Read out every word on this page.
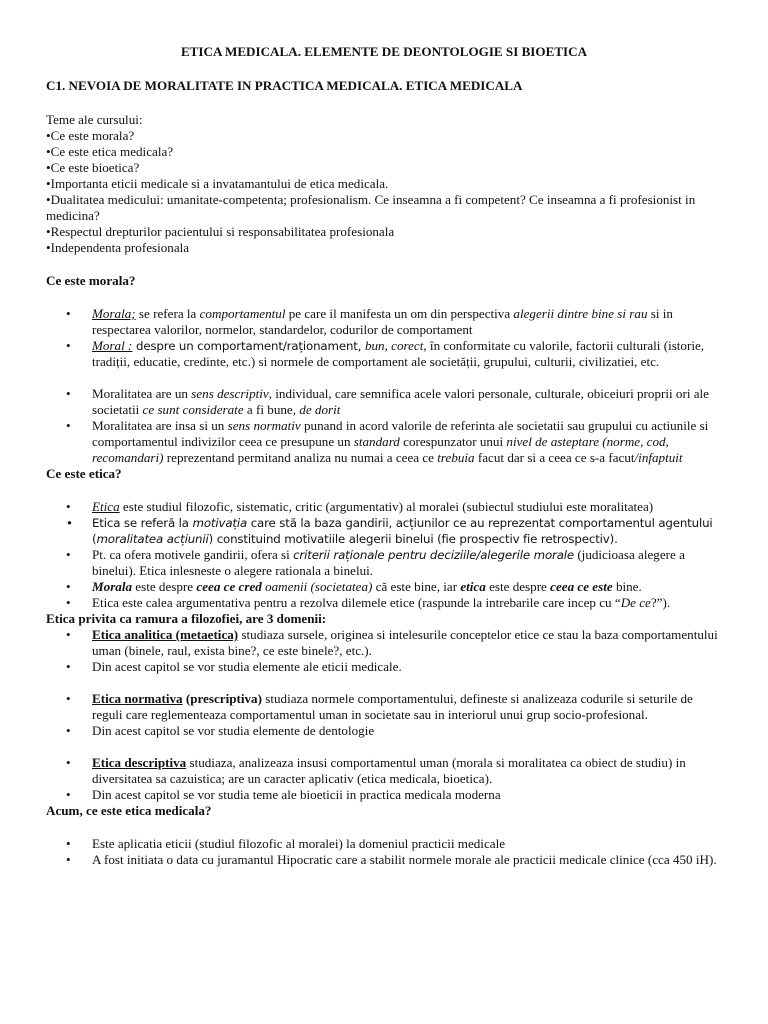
ETICA MEDICALA. ELEMENTE DE DEONTOLOGIE SI BIOETICA
C1. NEVOIA DE MORALITATE IN PRACTICA MEDICALA. ETICA MEDICALA
Teme ale cursului:
•Ce este morala?
•Ce este etica medicala?
•Ce este bioetica?
•Importanta eticii medicale si a invatamantului de etica medicala.
•Dualitatea medicului: umanitate-competenta; profesionalism. Ce inseamna a fi competent? Ce inseamna a fi profesionist in medicina?
•Respectul drepturilor pacientului si responsabilitatea profesionala
•Independenta profesionala
Ce este morala?
• Morala; se refera la comportamentul pe care il manifesta un om din perspectiva alegerii dintre bine si rau si in respectarea valorilor, normelor, standardelor, codurilor de comportament
• Moral : despre un comportament/raționament, bun, corect, în conformitate cu valorile, factorii culturali (istorie, tradiții, educatie, credinte, etc.) si normele de comportament ale societății, grupului, culturii, civilizatiei, etc.
• Moralitatea are un sens descriptiv, individual, care semnifica acele valori personale, culturale, obiceiuri proprii ori ale societatii ce sunt considerate a fi bune, de dorit
• Moralitatea are insa si un sens normativ punand in acord valorile de referinta ale societatii sau grupului cu actiunile si comportamentul indivizilor ceea ce presupune un standard corespunzator unui nivel de asteptare (norme, cod, recomandari) reprezentand permitand analiza nu numai a ceea ce trebuia facut dar si a ceea ce s-a facut/infaptuit
Ce este etica?
• Etica este studiul filozofic, sistematic, critic (argumentativ) al moralei (subiectul studiului este moralitatea)
• Etica se referă la motivația care stă la baza gandirii, acțiunilor ce au reprezentat comportamentul agentului (moralitatea acțiunii) constituind motivatiile alegerii binelui (fie prospectiv fie retrospectiv).
• Pt. ca ofera motivele gandirii, ofera si criterii raționale pentru deciziile/alegerile morale (judicioasa alegere a binelui). Etica inlesneste o alegere rationala a binelui.
• Morala este despre ceea ce cred oamenii (societatea) că este bine, iar etica este despre ceea ce este bine.
• Etica este calea argumentativa pentru a rezolva dilemele etice (raspunde la intrebarile care incep cu “De ce?”).
Etica privita ca ramura a filozofiei, are 3 domenii:
• Etica analitica (metaetica) studiaza sursele, originea si intelesurile conceptelor etice ce stau la baza comportamentului uman (binele, raul, exista bine?, ce este binele?, etc.).
• Din acest capitol se vor studia elemente ale eticii medicale.
• Etica normativa (prescriptiva) studiaza normele comportamentului, defineste si analizeaza codurile si seturile de reguli care reglementeaza comportamentul uman in societate sau in interiorul unui grup socio-profesional.
• Din acest capitol se vor studia elemente de dentologie
• Etica descriptiva studiaza, analizeaza insusi comportamentul uman (morala si moralitatea ca obiect de studiu) in diversitatea sa cazuistica; are un caracter aplicativ (etica medicala, bioetica).
• Din acest capitol se vor studia teme ale bioeticii in practica medicala moderna
Acum, ce este etica medicala?
• Este aplicatia eticii (studiul filozofic al moralei) la domeniul practicii medicale
• A fost initiata o data cu juramantul Hipocratic care a stabilit normele morale ale practicii medicale clinice (cca 450 iH).
